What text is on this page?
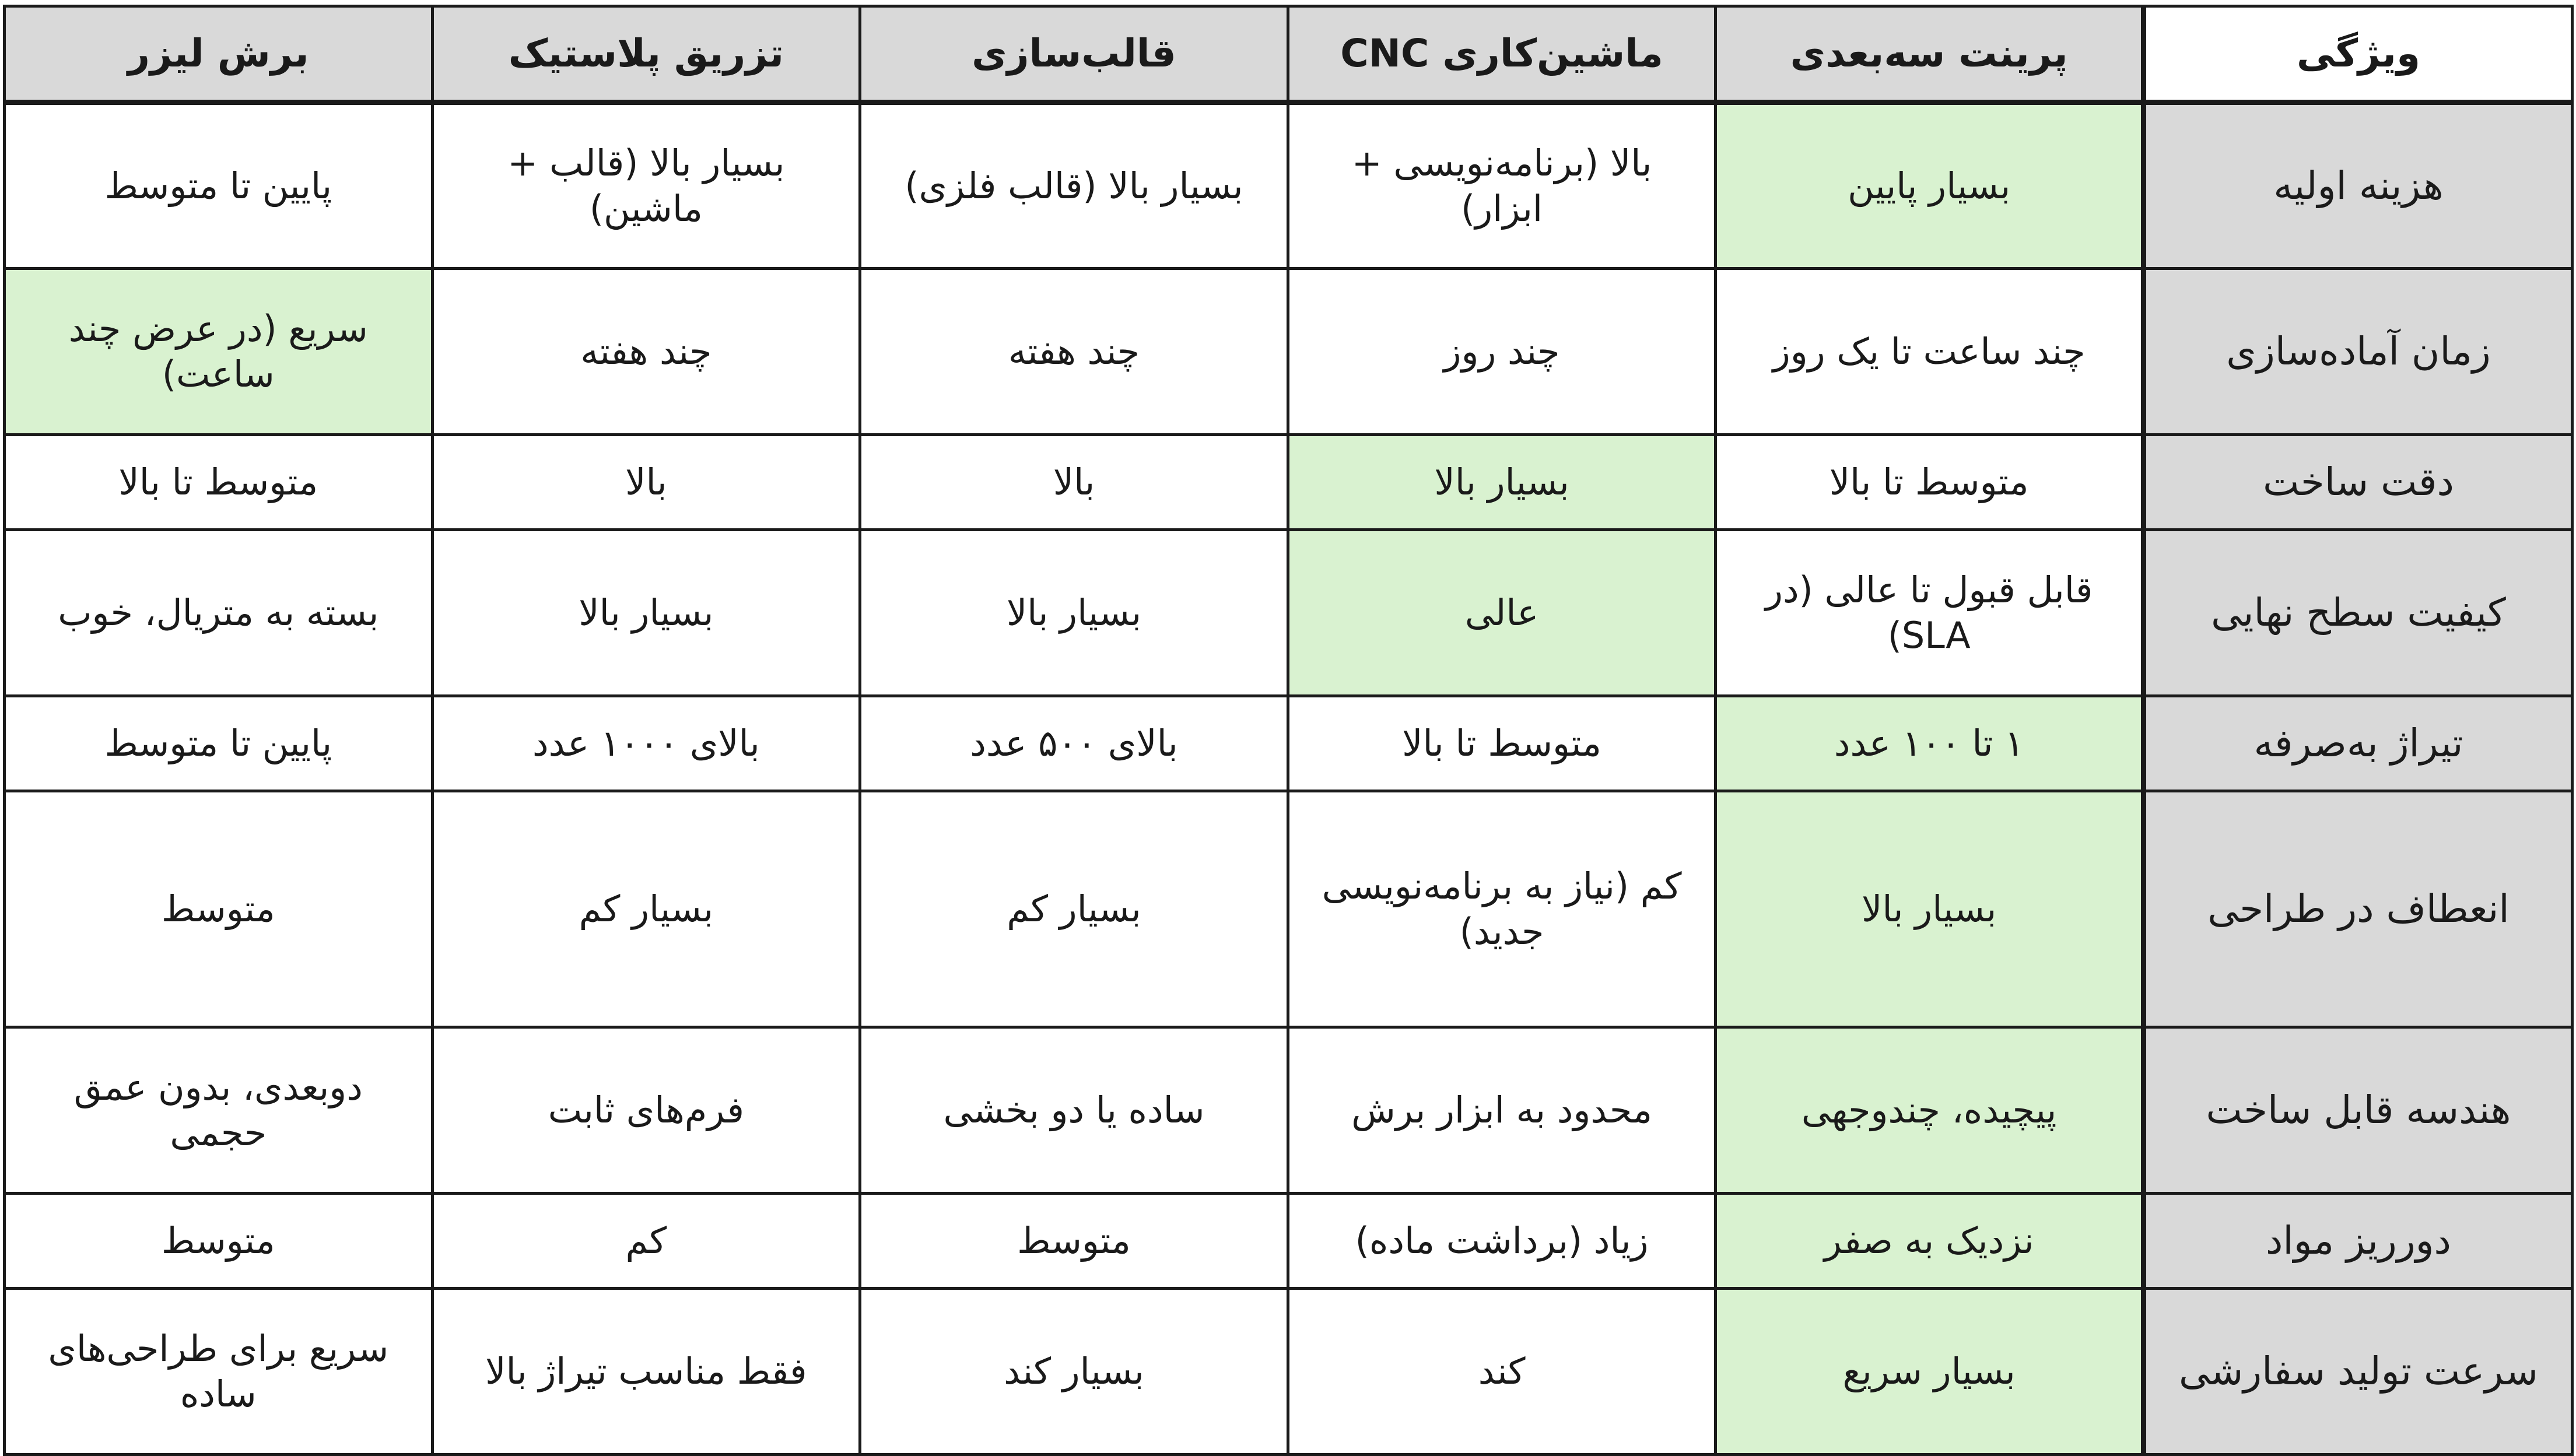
ویژگی	پرینت سه‌بعدی	ماشین‌کاری CNC	قالب‌سازی	تزریق پلاستیک	برش لیزر
هزینه اولیه	بسیار پایین	بالا (برنامه‌نویسی + ابزار)	بسیار بالا (قالب فلزی)	بسیار بالا (قالب + ماشین)	پایین تا متوسط
زمان آماده‌سازی	چند ساعت تا یک روز	چند روز	چند هفته	چند هفته	سریع (در عرض چند ساعت)
دقت ساخت	متوسط تا بالا	بسیار بالا	بالا	بالا	متوسط تا بالا
کیفیت سطح نهایی	قابل قبول تا عالی (در SLA)	عالی	بسیار بالا	بسیار بالا	بسته به متریال، خوب
تیراژ به‌صرفه	۱ تا ۱۰۰ عدد	متوسط تا بالا	بالای ۵۰۰ عدد	بالای ۱۰۰۰ عدد	پایین تا متوسط
انعطاف در طراحی	بسیار بالا	کم (نیاز به برنامه‌نویسی جدید)	بسیار کم	بسیار کم	متوسط
هندسه قابل ساخت	پیچیده، چندوجهی	محدود به ابزار برش	ساده یا دو بخشی	فرم‌های ثابت	دوبعدی، بدون عمق حجمی
دورریز مواد	نزدیک به صفر	زیاد (برداشت ماده)	متوسط	کم	متوسط
سرعت تولید سفارشی	بسیار سریع	کند	بسیار کند	فقط مناسب تیراژ بالا	سریع برای طراحی‌های ساده
